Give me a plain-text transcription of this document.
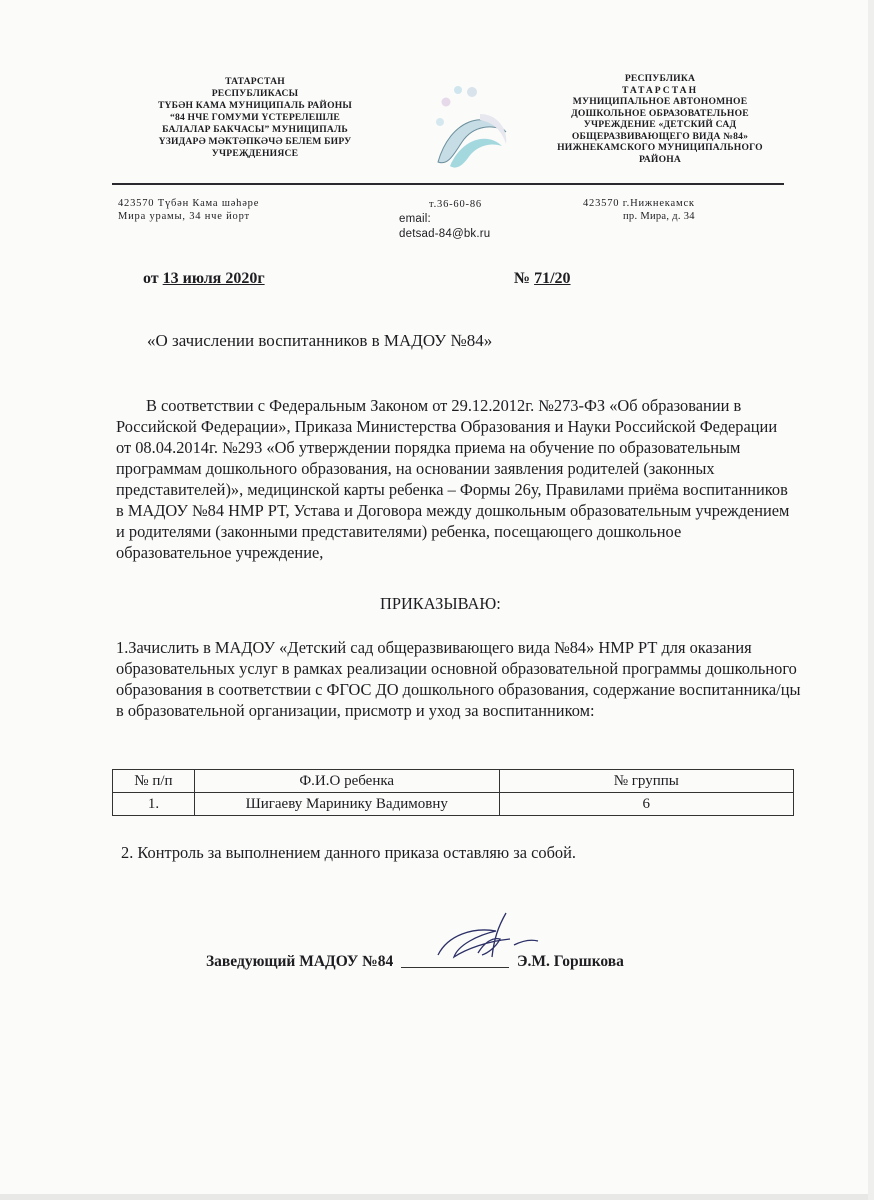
ТАТАРСТАН
РЕСПУБЛИКАСЫ
ТҮБӘН КАМА МУНИЦИПАЛЬ РАЙОНЫ
“84 НЧЕ ГОМУМИ ҮСТЕРЕЛЕШЛЕ
БАЛАЛАР БАКЧАСЫ” МУНИЦИПАЛЬ
ҮЗИДАРӘ МӘКТӘПКӘЧӘ БЕЛЕМ БИРУ
УЧРЕҖДЕНИЯСЕ
РЕСПУБЛИКА
ТАТАРСТАН
МУНИЦИПАЛЬНОЕ АВТОНОМНОЕ
ДОШКОЛЬНОЕ ОБРАЗОВАТЕЛЬНОЕ
УЧРЕЖДЕНИЕ «ДЕТСКИЙ САД
ОБЩЕРАЗВИВАЮЩЕГО ВИДА №84»
НИЖНЕКАМСКОГО МУНИЦИПАЛЬНОГО
РАЙОНА
423570 Түбән Кама шәһәре
Мира урамы, 34 нче йорт
т.36-60-86
email:
detsad-84@bk.ru
423570 г.Нижнекамск
пр. Мира, д. 34
от 13 июля 2020г	№ 71/20
«О зачислении воспитанников в МАДОУ №84»
В соответствии с Федеральным Законом от 29.12.2012г. №273-ФЗ «Об образовании в Российской Федерации», Приказа Министерства Образования и Науки Российской Федерации от 08.04.2014г. №293 «Об утверждении порядка приема на обучение по образовательным программам дошкольного образования, на основании заявления родителей (законных представителей)», медицинской карты ребенка – Формы 26у, Правилами приёма воспитанников в МАДОУ №84 НМР РТ, Устава и Договора между дошкольным образовательным учреждением и родителями (законными представителями) ребенка, посещающего дошкольное образовательное учреждение,
ПРИКАЗЫВАЮ:
1.Зачислить в МАДОУ «Детский сад общеразвивающего вида №84» НМР РТ для оказания образовательных услуг в рамках реализации основной образовательной программы дошкольного образования в соответствии с ФГОС ДО дошкольного образования, содержание воспитанника/цы в образовательной организации, присмотр и уход за воспитанником:
№ п/п	Ф.И.О ребенка	№ группы
1.	Шигаеву Маринику Вадимовну	6
2. Контроль за выполнением данного приказа оставляю за собой.
Заведующий МАДОУ №84	Э.М. Горшкова
